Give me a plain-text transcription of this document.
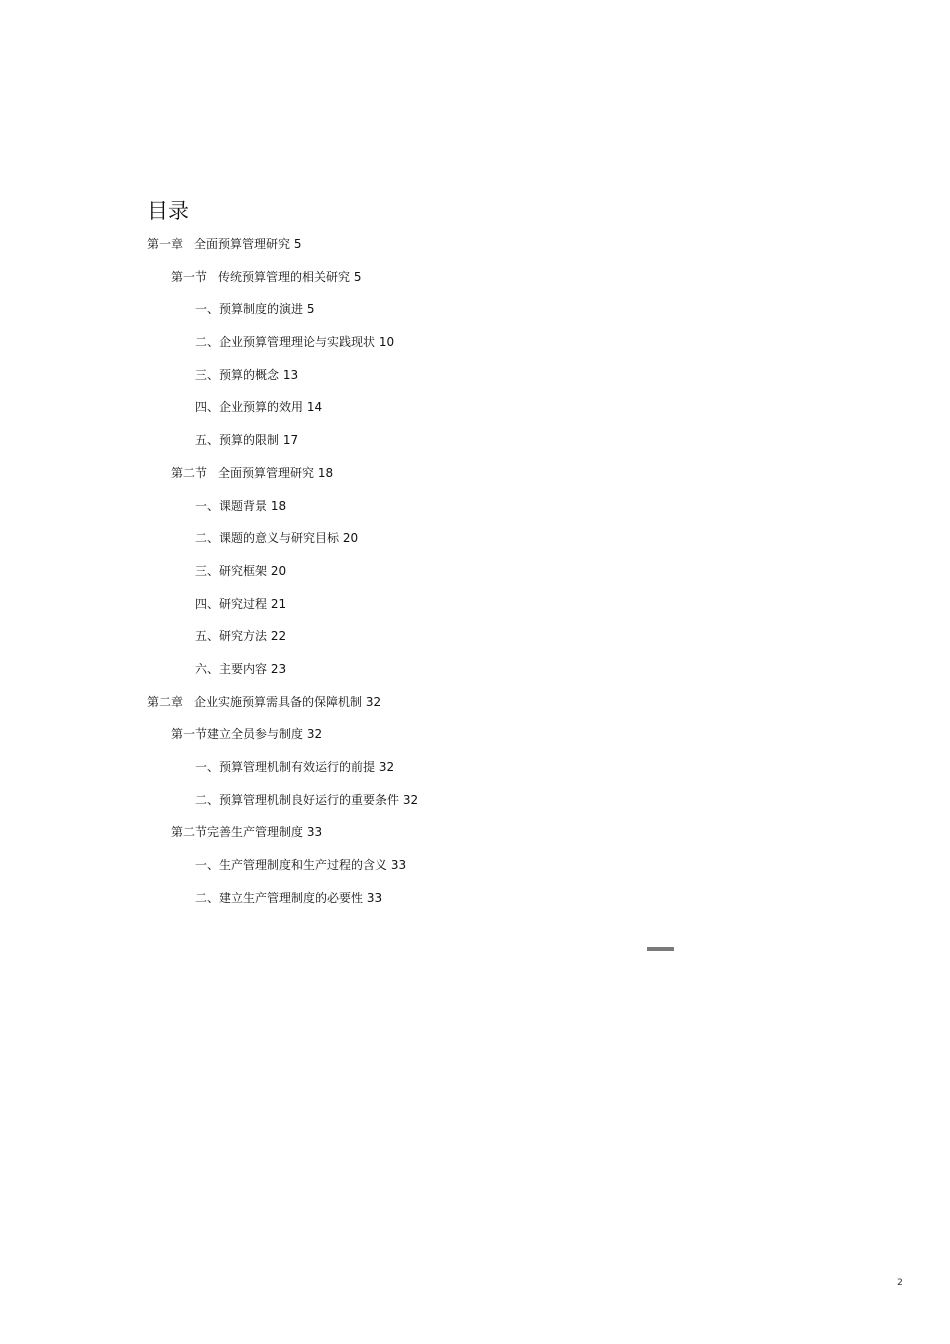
目录
第一章 全面预算管理研究 5
第一节 传统预算管理的相关研究 5
一、预算制度的演进 5
二、企业预算管理理论与实践现状 10
三、预算的概念 13
四、企业预算的效用 14
五、预算的限制 17
第二节 全面预算管理研究 18
一、课题背景 18
二、课题的意义与研究目标 20
三、研究框架 20
四、研究过程 21
五、研究方法 22
六、主要内容 23
第二章 企业实施预算需具备的保障机制 32
第一节建立全员参与制度 32
一、预算管理机制有效运行的前提 32
二、预算管理机制良好运行的重要条件 32
第二节完善生产管理制度 33
一、生产管理制度和生产过程的含义 33
二、建立生产管理制度的必要性 33
2
